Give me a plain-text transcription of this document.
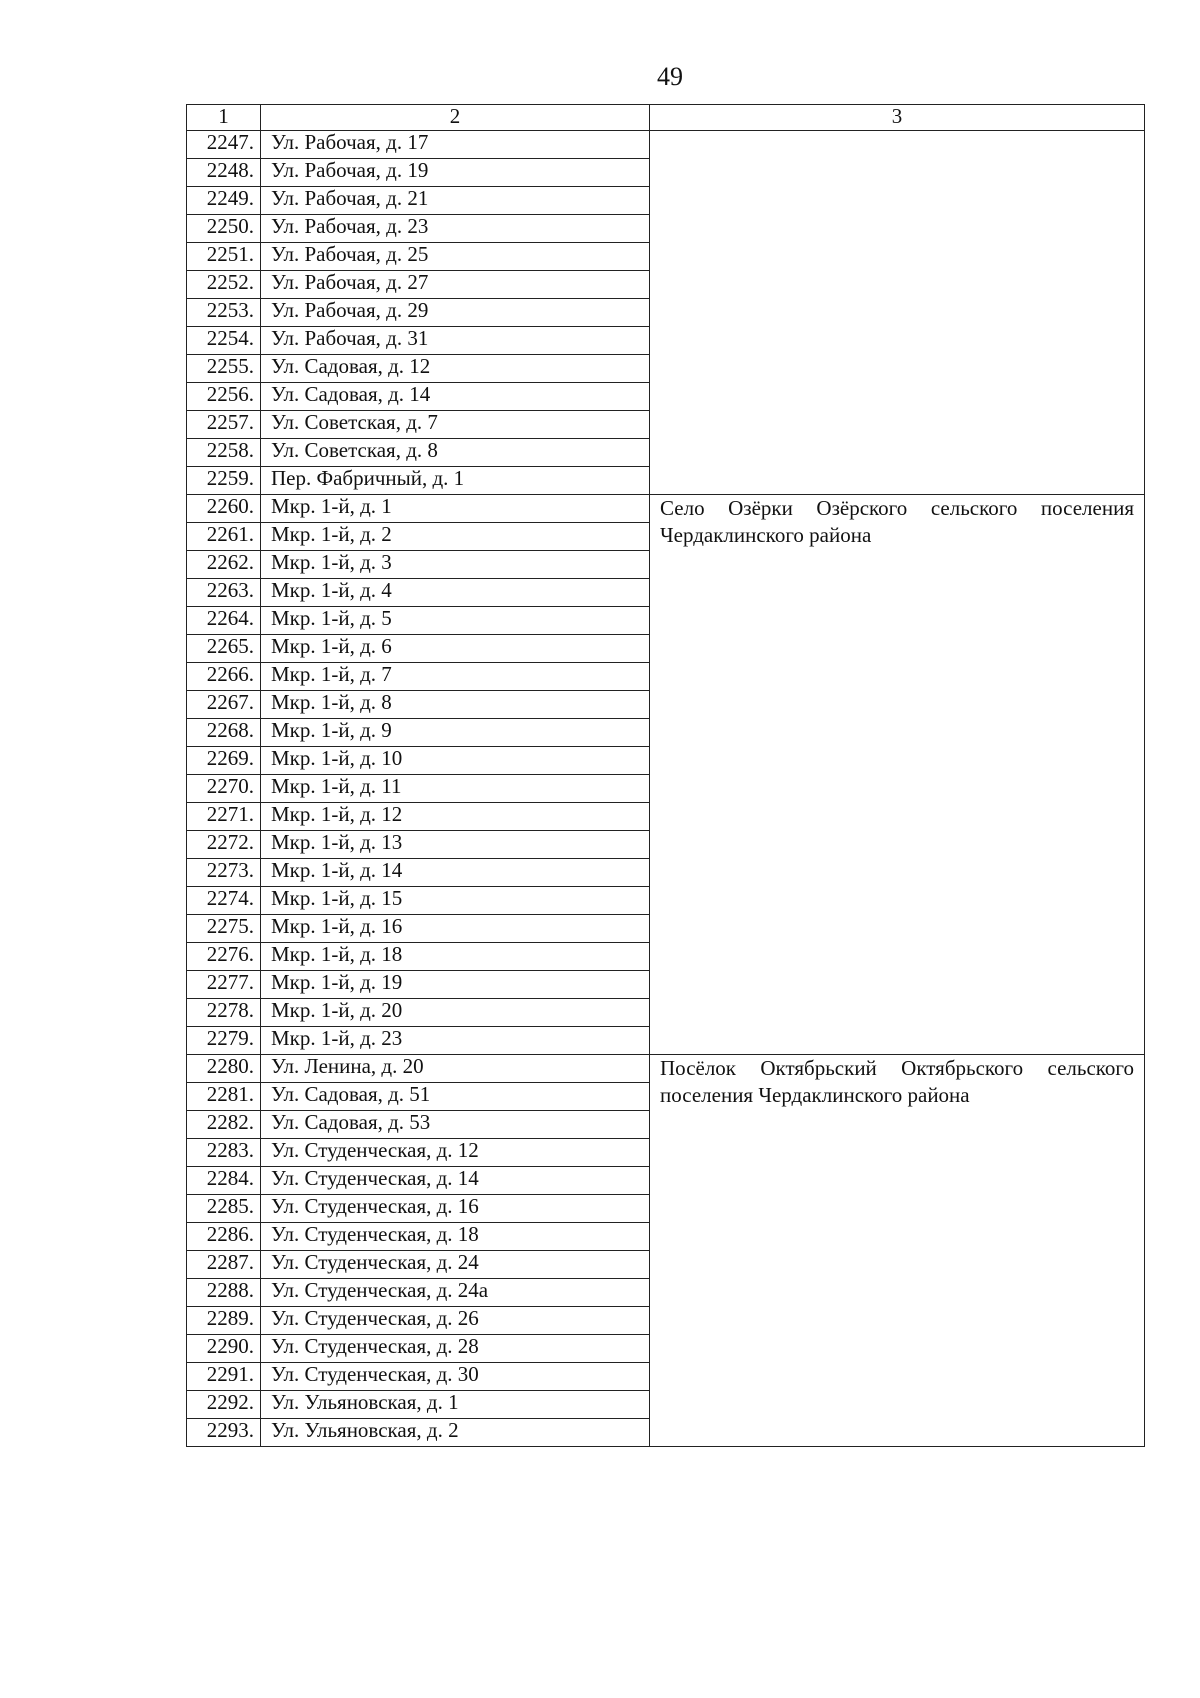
49
1	2	3
2247.	Ул. Рабочая, д. 17	
2248.	Ул. Рабочая, д. 19	
2249.	Ул. Рабочая, д. 21	
2250.	Ул. Рабочая, д. 23	
2251.	Ул. Рабочая, д. 25	
2252.	Ул. Рабочая, д. 27	
2253.	Ул. Рабочая, д. 29	
2254.	Ул. Рабочая, д. 31	
2255.	Ул. Садовая, д. 12	
2256.	Ул. Садовая, д. 14	
2257.	Ул. Советская, д. 7	
2258.	Ул. Советская, д. 8	
2259.	Пер. Фабричный, д. 1	
2260.	Мкр. 1-й, д. 1	Село Озёрки Озёрского сельского поселения Чердаклинского района
2261.	Мкр. 1-й, д. 2	
2262.	Мкр. 1-й, д. 3	
2263.	Мкр. 1-й, д. 4	
2264.	Мкр. 1-й, д. 5	
2265.	Мкр. 1-й, д. 6	
2266.	Мкр. 1-й, д. 7	
2267.	Мкр. 1-й, д. 8	
2268.	Мкр. 1-й, д. 9	
2269.	Мкр. 1-й, д. 10	
2270.	Мкр. 1-й, д. 11	
2271.	Мкр. 1-й, д. 12	
2272.	Мкр. 1-й, д. 13	
2273.	Мкр. 1-й, д. 14	
2274.	Мкр. 1-й, д. 15	
2275.	Мкр. 1-й, д. 16	
2276.	Мкр. 1-й, д. 18	
2277.	Мкр. 1-й, д. 19	
2278.	Мкр. 1-й, д. 20	
2279.	Мкр. 1-й, д. 23	
2280.	Ул. Ленина, д. 20	Посёлок Октябрьский Октябрьского сельского поселения Чердаклинского района
2281.	Ул. Садовая, д. 51	
2282.	Ул. Садовая, д. 53	
2283.	Ул. Студенческая, д. 12	
2284.	Ул. Студенческая, д. 14	
2285.	Ул. Студенческая, д. 16	
2286.	Ул. Студенческая, д. 18	
2287.	Ул. Студенческая, д. 24	
2288.	Ул. Студенческая, д. 24а	
2289.	Ул. Студенческая, д. 26	
2290.	Ул. Студенческая, д. 28	
2291.	Ул. Студенческая, д. 30	
2292.	Ул. Ульяновская, д. 1	
2293.	Ул. Ульяновская, д. 2	
